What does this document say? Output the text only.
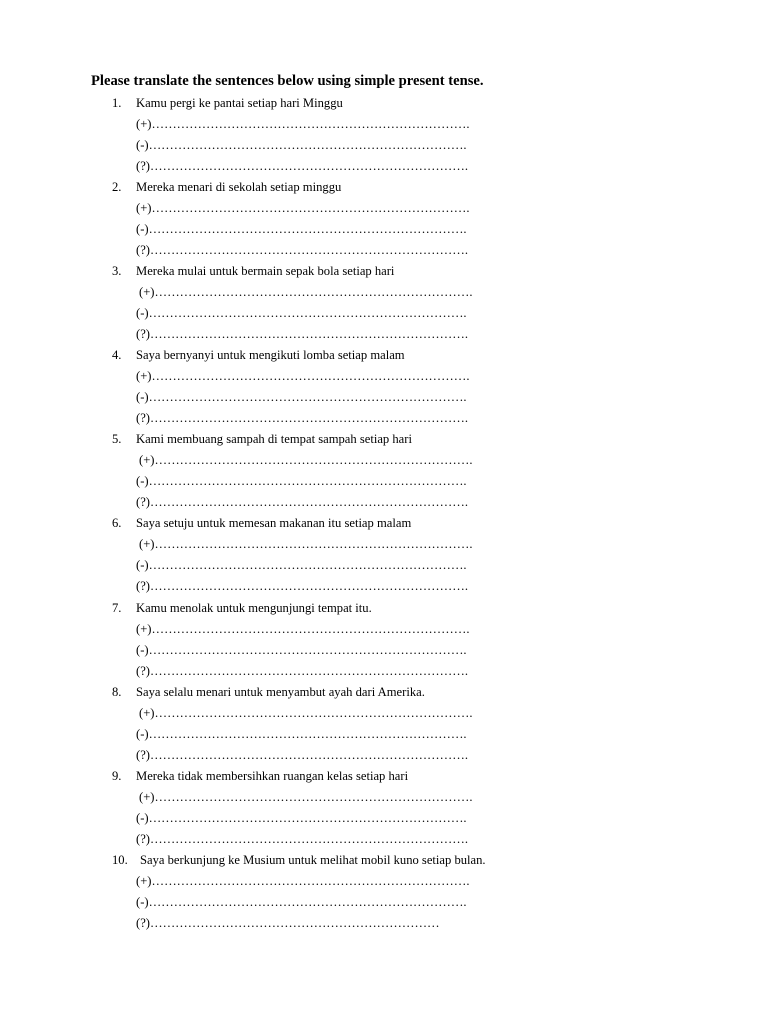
Please translate the sentences below using simple present tense.
1. Kamu pergi ke pantai setiap hari Minggu
(+)………………………………………………………………….
(-)………………………………………………………………….
(?)………………………………………………………………….
2. Mereka menari di sekolah setiap minggu
(+)………………………………………………………………….
(-)………………………………………………………………….
(?)………………………………………………………………….
3. Mereka mulai untuk bermain sepak bola setiap hari
(+)………………………………………………………………….
(-)………………………………………………………………….
(?)………………………………………………………………….
4. Saya bernyanyi untuk mengikuti lomba setiap malam
(+)………………………………………………………………….
(-)………………………………………………………………….
(?)………………………………………………………………….
5. Kami membuang sampah di tempat sampah setiap hari
(+)………………………………………………………………….
(-)………………………………………………………………….
(?)………………………………………………………………….
6. Saya setuju untuk memesan makanan itu setiap malam
(+)………………………………………………………………….
(-)………………………………………………………………….
(?)………………………………………………………………….
7. Kamu menolak untuk mengunjungi tempat itu.
(+)………………………………………………………………….
(-)………………………………………………………………….
(?)………………………………………………………………….
8. Saya selalu menari untuk menyambut ayah dari Amerika.
(+)………………………………………………………………….
(-)………………………………………………………………….
(?)………………………………………………………………….
9. Mereka tidak membersihkan ruangan kelas setiap hari
(+)………………………………………………………………….
(-)………………………………………………………………….
(?)………………………………………………………………….
10. Saya berkunjung ke Musium untuk melihat mobil kuno setiap bulan.
(+)………………………………………………………………….
(-)………………………………………………………………….
(?)……………………………………………………………
